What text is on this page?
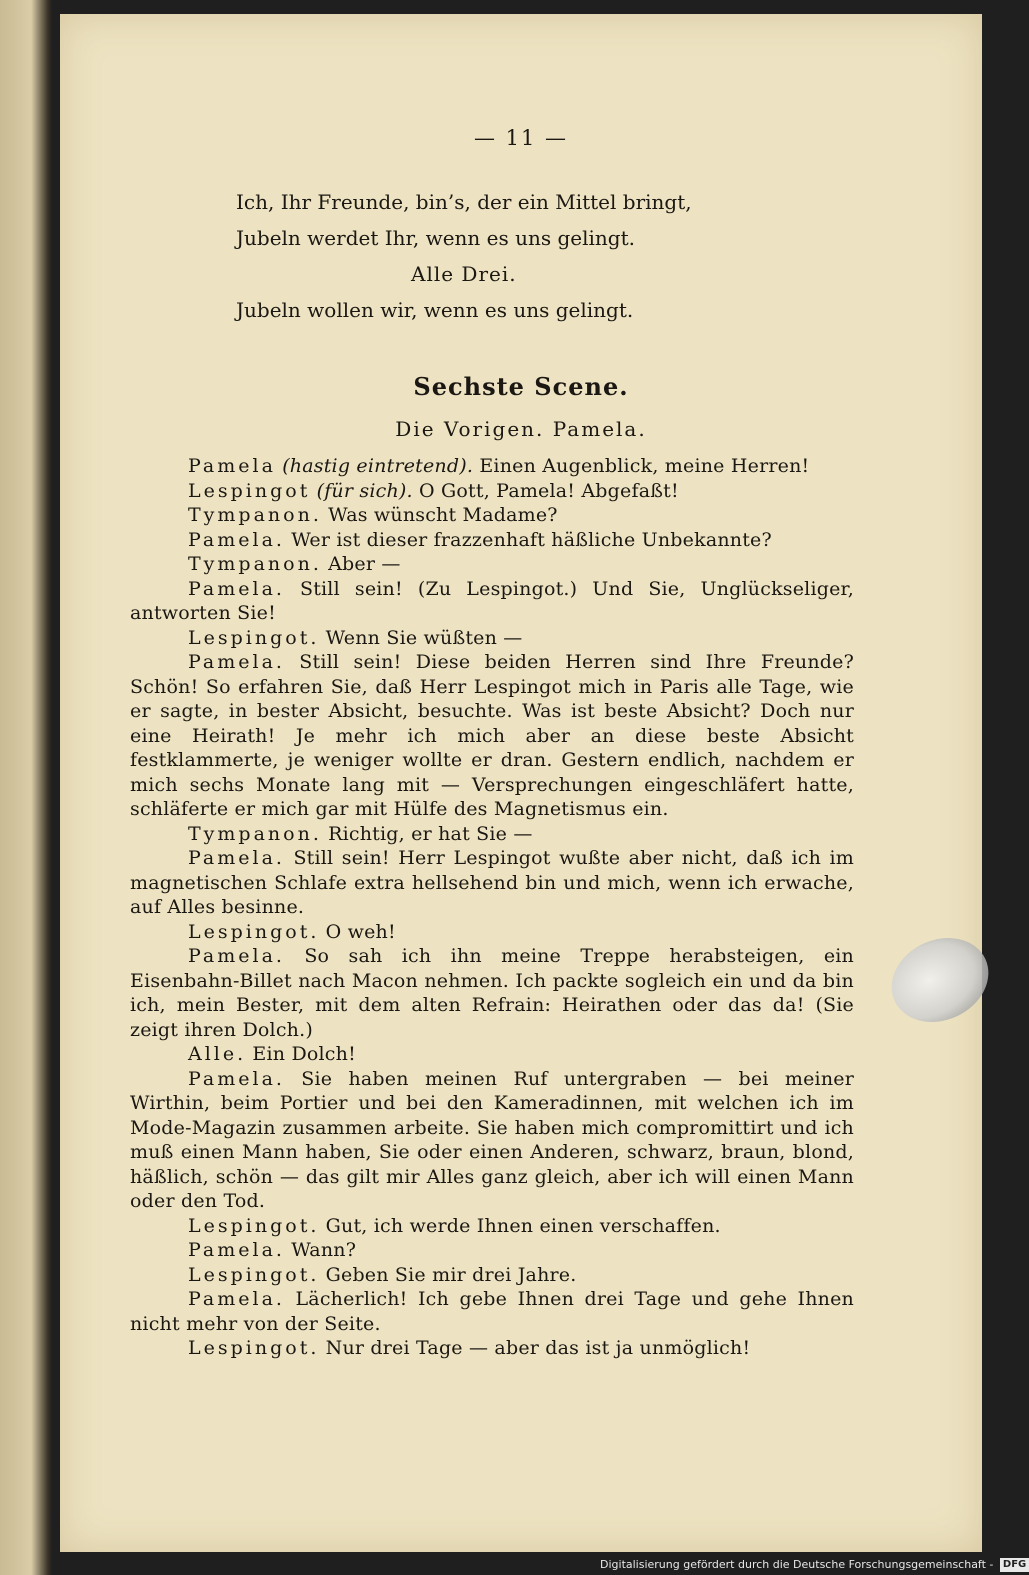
— 11 —
Ich, Ihr Freunde, bin’s, der ein Mittel bringt,
Jubeln werdet Ihr, wenn es uns gelingt.
Alle Drei.
Jubeln wollen wir, wenn es uns gelingt.
Sechste Scene.
Die Vorigen. Pamela.

Pamela (hastig eintretend). Einen Augenblick, meine Herren!

Lespingot (für sich). O Gott, Pamela! Abgefaßt!

Tympanon. Was wünscht Madame?

Pamela. Wer ist dieser frazzenhaft häßliche Unbekannte?

Tympanon. Aber —

Pamela. Still sein! (Zu Lespingot.) Und Sie, Unglückseliger, antworten Sie!

Lespingot. Wenn Sie wüßten —

Pamela. Still sein! Diese beiden Herren sind Ihre Freunde? Schön! So erfahren Sie, daß Herr Lespingot mich in Paris alle Tage, wie er sagte, in bester Absicht, besuchte. Was ist beste Absicht? Doch nur eine Heirath! Je mehr ich mich aber an diese beste Absicht festklammerte, je weniger wollte er dran. Gestern endlich, nachdem er mich sechs Monate lang mit — Versprechungen eingeschläfert hatte, schläferte er mich gar mit Hülfe des Magnetismus ein.

Tympanon. Richtig, er hat Sie —

Pamela. Still sein! Herr Lespingot wußte aber nicht, daß ich im magnetischen Schlafe extra hellsehend bin und mich, wenn ich erwache, auf Alles besinne.

Lespingot. O weh!

Pamela. So sah ich ihn meine Treppe herabsteigen, ein Eisenbahn-Billet nach Macon nehmen. Ich packte sogleich ein und da bin ich, mein Bester, mit dem alten Refrain: Heirathen oder das da! (Sie zeigt ihren Dolch.)

Alle. Ein Dolch!

Pamela. Sie haben meinen Ruf untergraben — bei meiner Wirthin, beim Portier und bei den Kameradinnen, mit welchen ich im Mode-Magazin zusammen arbeite. Sie haben mich compromittirt und ich muß einen Mann haben, Sie oder einen Anderen, schwarz, braun, blond, häßlich, schön — das gilt mir Alles ganz gleich, aber ich will einen Mann oder den Tod.

Lespingot. Gut, ich werde Ihnen einen verschaffen.

Pamela. Wann?

Lespingot. Geben Sie mir drei Jahre.

Pamela. Lächerlich! Ich gebe Ihnen drei Tage und gehe Ihnen nicht mehr von der Seite.

Lespingot. Nur drei Tage — aber das ist ja unmöglich!

Digitalisierung gefördert durch die Deutsche Forschungsgemeinschaft - DFG
